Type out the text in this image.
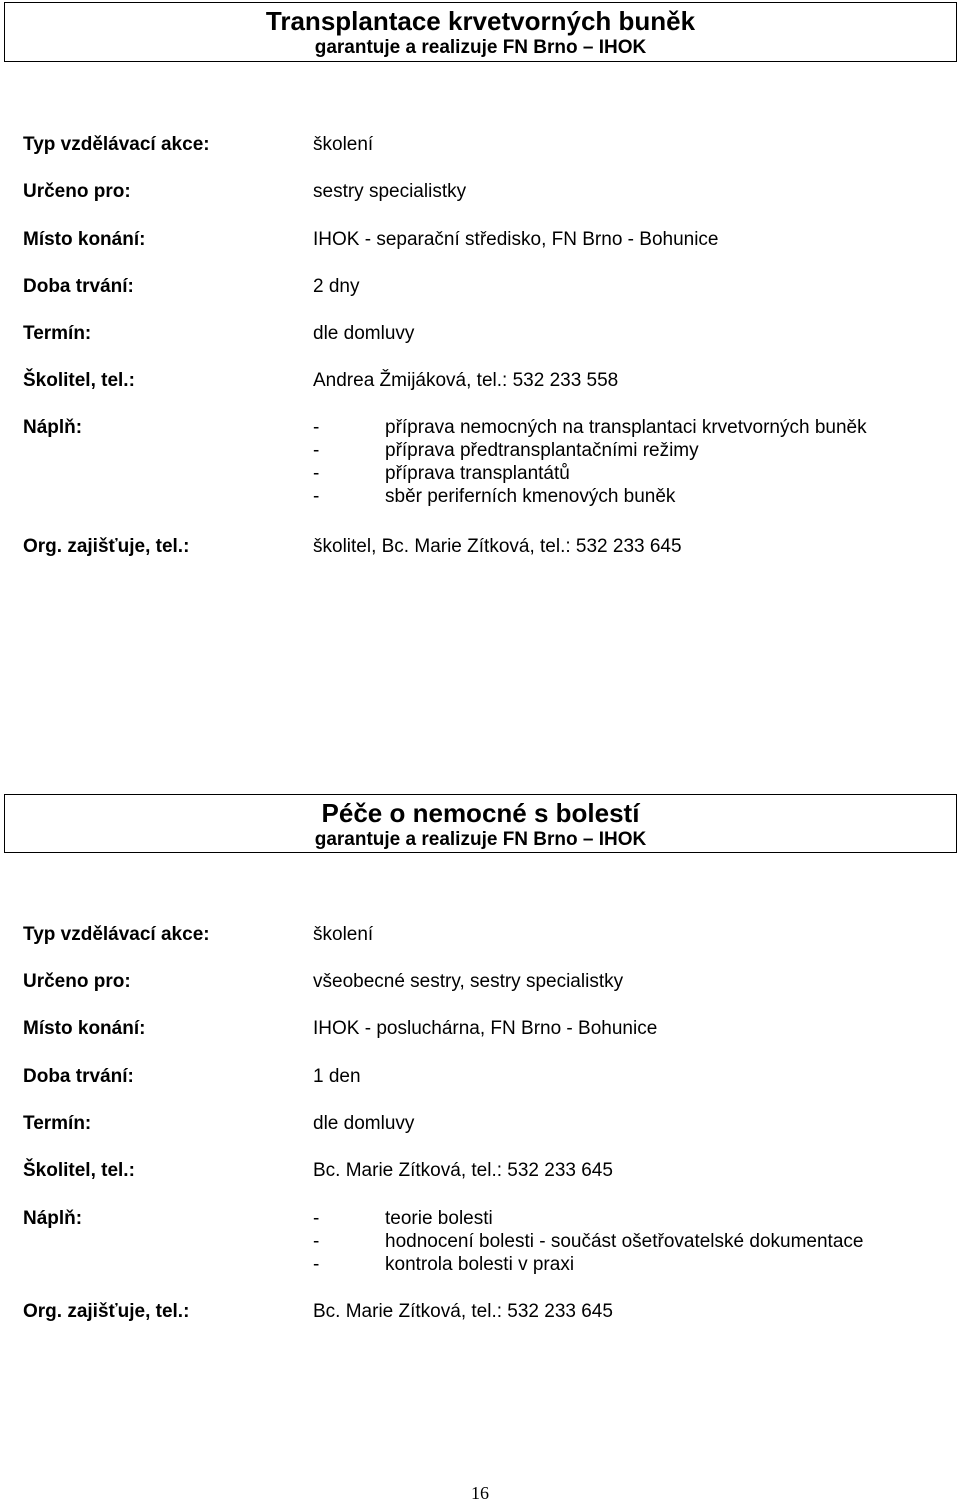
Transplantace krvetvorných buněk
garantuje a realizuje FN Brno – IHOK
Typ vzdělávací akce:	školení
Určeno pro:	sestry specialistky
Místo konání:	IHOK - separační středisko, FN Brno - Bohunice
Doba trvání:	2 dny
Termín:	dle domluvy
Školitel, tel.:	Andrea Žmijáková, tel.: 532 233 558
Náplň:	-	příprava nemocných na transplantaci krvetvorných buněk
-	příprava předtransplantačními režimy
-	příprava transplantátů
-	sběr periferních kmenových buněk
Org. zajišťuje, tel.:	školitel, Bc. Marie Zítková, tel.: 532 233 645
Péče o nemocné s bolestí
garantuje a realizuje FN Brno – IHOK
Typ vzdělávací akce:	školení
Určeno pro:	všeobecné sestry, sestry specialistky
Místo konání:	IHOK - posluchárna, FN Brno - Bohunice
Doba trvání:	1 den
Termín:	dle domluvy
Školitel, tel.:	Bc. Marie Zítková, tel.: 532 233 645
Náplň:	-	teorie bolesti
-	hodnocení bolesti - součást ošetřovatelské dokumentace
-	kontrola bolesti v praxi
Org. zajišťuje, tel.:	Bc. Marie Zítková, tel.: 532 233 645
16
